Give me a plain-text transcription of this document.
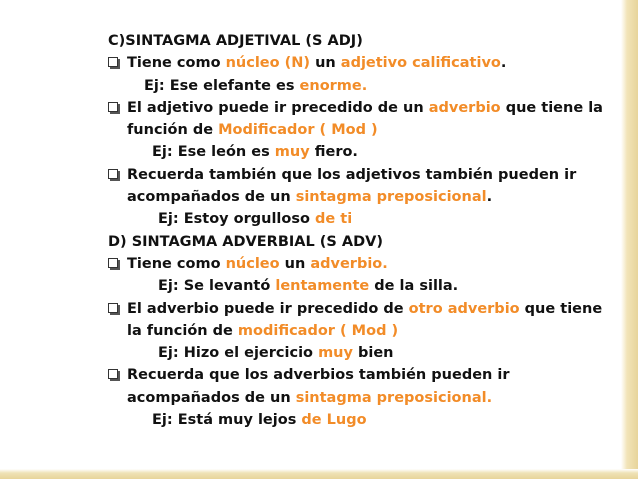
C)SINTAGMA ADJETIVAL (S ADJ)
Tiene como núcleo (N) un adjetivo calificativo.
Ej: Ese elefante es enorme.
El adjetivo puede ir precedido de un adverbio que tiene la
función de Modificador ( Mod )
Ej: Ese león es muy fiero.
Recuerda también que los adjetivos también pueden ir
acompañados de un sintagma preposicional.
Ej: Estoy orgulloso de ti
D) SINTAGMA ADVERBIAL (S ADV)
Tiene como núcleo un adverbio.
Ej: Se levantó lentamente de la silla.
El adverbio puede ir precedido de otro adverbio que tiene
la función de modificador ( Mod )
Ej: Hizo el ejercicio muy bien
Recuerda que los adverbios también pueden ir
acompañados de un sintagma preposicional.
Ej: Está muy lejos de Lugo
